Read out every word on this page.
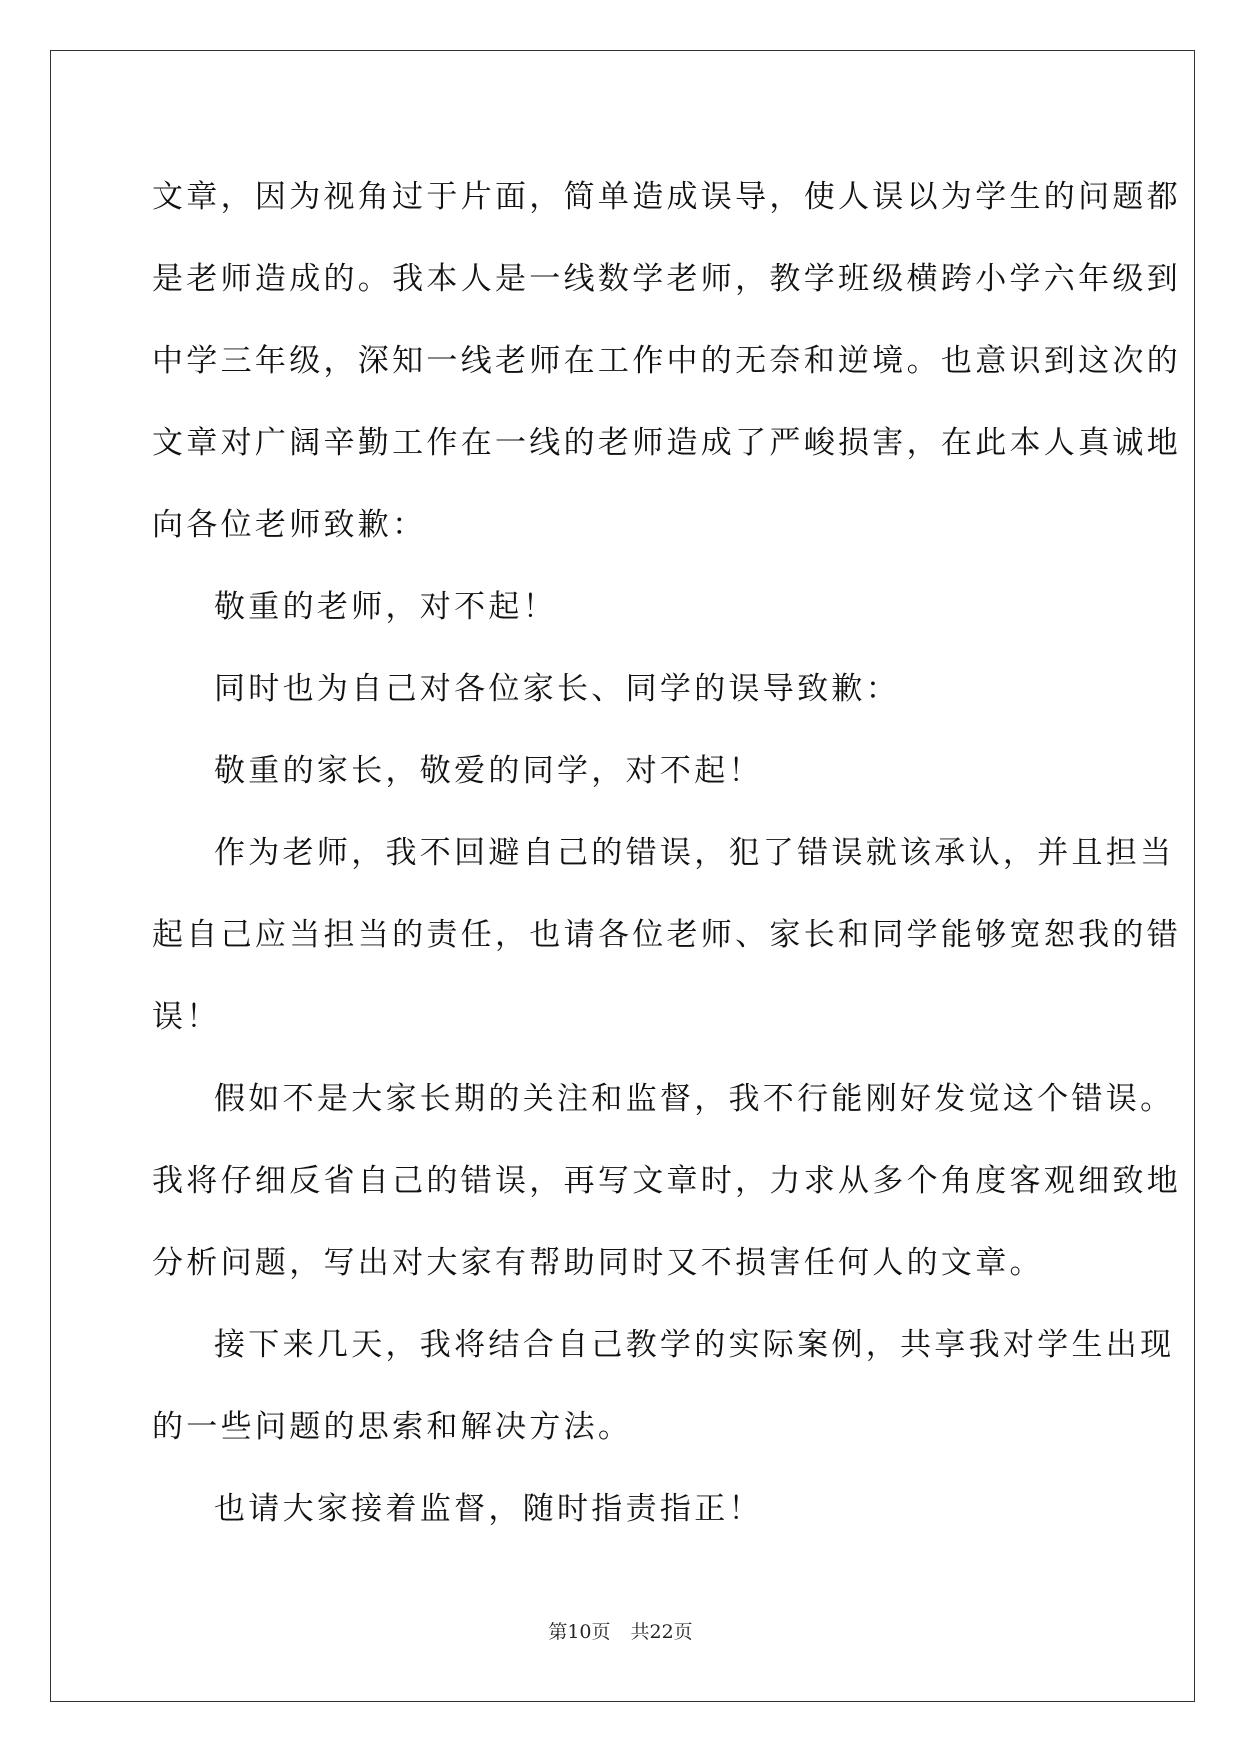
文章，因为视角过于片面，简单造成误导，使人误以为学生的问题都

是老师造成的。我本人是一线数学老师，教学班级横跨小学六年级到

中学三年级，深知一线老师在工作中的无奈和逆境。也意识到这次的

文章对广阔辛勤工作在一线的老师造成了严峻损害，在此本人真诚地

向各位老师致歉：

敬重的老师，对不起！

同时也为自己对各位家长、同学的误导致歉：

敬重的家长，敬爱的同学，对不起！

作为老师，我不回避自己的错误，犯了错误就该承认，并且担当

起自己应当担当的责任，也请各位老师、家长和同学能够宽恕我的错

误！

假如不是大家长期的关注和监督，我不行能刚好发觉这个错误。

我将仔细反省自己的错误，再写文章时，力求从多个角度客观细致地

分析问题，写出对大家有帮助同时又不损害任何人的文章。

接下来几天，我将结合自己教学的实际案例，共享我对学生出现

的一些问题的思索和解决方法。

也请大家接着监督，随时指责指正！

第10页 共22页
